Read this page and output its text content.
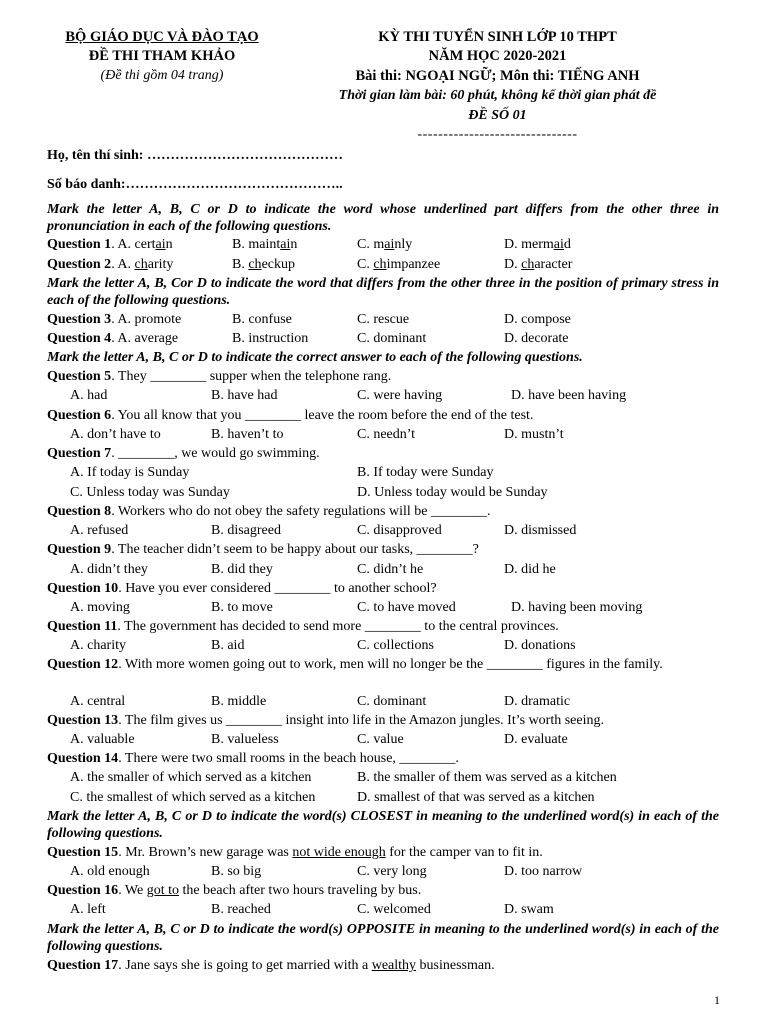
BỘ GIÁO DỤC VÀ ĐÀO TẠO
ĐỀ THI THAM KHẢO
(Đề thi gồm 04 trang)
KỲ THI TUYỂN SINH LỚP 10 THPT
NĂM HỌC 2020-2021
Bài thi: NGOẠI NGỮ; Môn thi: TIẾNG ANH
Thời gian làm bài: 60 phút, không kể thời gian phát đề
ĐỀ SỐ 01
-------------------------------
Họ, tên thí sinh: ……………………………………
Số báo danh:………………………………………..
Mark the letter A, B, C or D to indicate the word whose underlined part differs from the other three in pronunciation in each of the following questions.
Question 1. A. certain	B. maintain	C. mainly	D. mermaid
Question 2. A. charity	B. checkup	C. chimpanzee	D. character
Mark the letter A, B, Cor D to indicate the word that differs from the other three in the position of primary stress in each of the following questions.
Question 3. A. promote	B. confuse	C. rescue	D. compose
Question 4. A. average	B. instruction	C. dominant	D. decorate
Mark the letter A, B, C or D to indicate the correct answer to each of the following questions.
Question 5. They ________ supper when the telephone rang.
A. had	B. have had	C. were having	D. have been having
Question 6. You all know that you ________ leave the room before the end of the test.
A. don’t have to	B. haven’t to	C. needn’t	D. mustn’t
Question 7. ________, we would go swimming.
A. If today is Sunday	B. If today were Sunday
C. Unless today was Sunday	D. Unless today would be Sunday
Question 8. Workers who do not obey the safety regulations will be ________.
A. refused	B. disagreed	C. disapproved	D. dismissed
Question 9. The teacher didn’t seem to be happy about our tasks, ________?
A. didn’t they	B. did they	C. didn’t he	D. did he
Question 10. Have you ever considered ________ to another school?
A. moving	B. to move	C. to have moved	D. having been moving
Question 11. The government has decided to send more ________ to the central provinces.
A. charity	B. aid	C. collections	D. donations
Question 12. With more women going out to work, men will no longer be the ________ figures in the family.
A. central	B. middle	C. dominant	D. dramatic
Question 13. The film gives us ________ insight into life in the Amazon jungles. It’s worth seeing.
A. valuable	B. valueless	C. value	D. evaluate
Question 14. There were two small rooms in the beach house, ________.
A. the smaller of which served as a kitchen	B. the smaller of them was served as a kitchen
C. the smallest of which served as a kitchen	D. smallest of that was served as a kitchen
Mark the letter A, B, C or D to indicate the word(s) CLOSEST in meaning to the underlined word(s) in each of the following questions.
Question 15. Mr. Brown’s new garage was not wide enough for the camper van to fit in.
A. old enough	B. so big	C. very long	D. too narrow
Question 16. We got to the beach after two hours traveling by bus.
A. left	B. reached	C. welcomed	D. swam
Mark the letter A, B, C or D to indicate the word(s) OPPOSITE in meaning to the underlined word(s) in each of the following questions.
Question 17. Jane says she is going to get married with a wealthy businessman.
1
